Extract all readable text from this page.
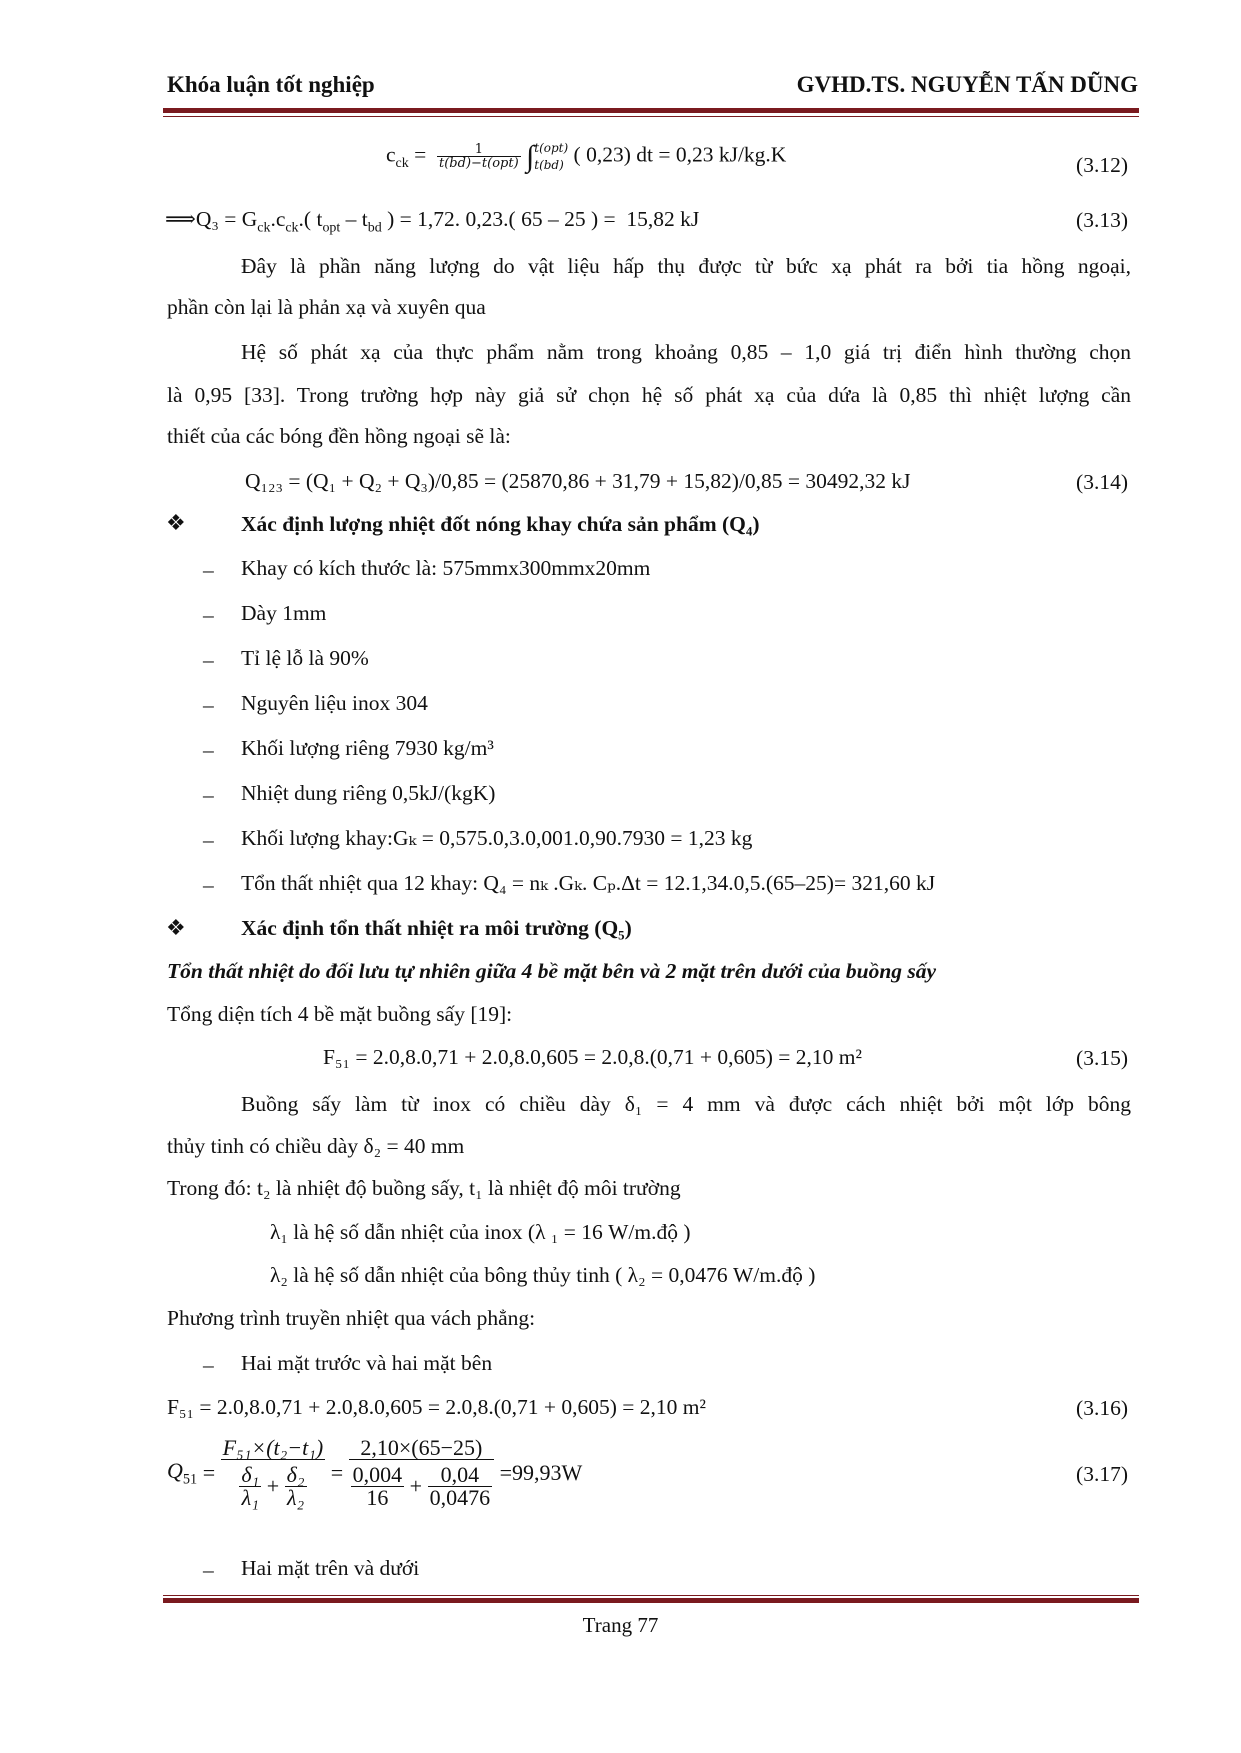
Khóa luận tốt nghiệp	GVHD.TS. NGUYỄN TẤN DŨNG
$c_{ck} = \frac{1}{\text{t(bd)−t(opt)}}$ ∫ t(opt)
t(bd) ( 0,23) dt = 0,23 kJ/kg.K	(3.12)
⟹Q₃ = $G_{ck}.c_{ck}$.( $t_{opt} - t_{bd}$ ) = 1,72. 0,23.( 65 – 25 ) =  15,82 kJ	(3.13)
Đây là phần năng lượng do vật liệu hấp thụ được từ bức xạ phát ra bởi tia hồng ngoại,
phần còn lại là phản xạ và xuyên qua
Hệ số phát xạ của thực phẩm nằm trong khoảng 0,85 – 1,0 giá trị điển hình thường chọn
là 0,95 [33]. Trong trường hợp này giả sử chọn hệ số phát xạ của dứa là 0,85 thì nhiệt lượng cần
thiết của các bóng đền hồng ngoại sẽ là:
Q₁₂₃ = (Q₁ + Q₂ + Q₃)/0,85 = (25870,86 + 31,79 + 15,82)/0,85 = 30492,32 kJ	(3.14)
❖	Xác định lượng nhiệt đốt nóng khay chứa sản phẩm (Q₄)
– Khay có kích thước là: 575mmx300mmx20mm
– Dày 1mm
– Tỉ lệ lỗ là 90%
– Nguyên liệu inox 304
– Khối lượng riêng 7930 kg/m³
– Nhiệt dung riêng 0,5kJ/(kgK)
– Khối lượng khay:Gₖ = 0,575.0,3.0,001.0,90.7930 = 1,23 kg
– Tổn thất nhiệt qua 12 khay: Q₄ = nₖ .Gₖ. Cₚ.Δt = 12.1,34.0,5.(65–25)= 321,60 kJ
❖	Xác định tổn thất nhiệt ra môi trường (Q₅)
Tổn thất nhiệt do đối lưu tự nhiên giữa 4 bề mặt bên và 2 mặt trên dưới của buồng sấy
Tổng diện tích 4 bề mặt buồng sấy [19]:
F₅₁ = 2.0,8.0,71 + 2.0,8.0,605 = 2.0,8.(0,71 + 0,605) = 2,10 m²	(3.15)
Buồng sấy làm từ inox có chiều dày δ₁ = 4 mm và được cách nhiệt bởi một lớp bông
thủy tinh có chiều dày δ₂ = 40 mm
Trong đó: t₂ là nhiệt độ buồng sấy, t₁ là nhiệt độ môi trường
λ₁ là hệ số dẫn nhiệt của inox (λ ₁ = 16 W/m.độ )
λ₂ là hệ số dẫn nhiệt của bông thủy tinh ( λ₂ = 0,0476 W/m.độ )
Phương trình truyền nhiệt qua vách phẳng:
– Hai mặt trước và hai mặt bên
F₅₁ = 2.0,8.0,71 + 2.0,8.0,605 = 2.0,8.(0,71 + 0,605) = 2,10 m²	(3.16)
$Q_{51} = \frac{\text{F₅₁×(t₂−t₁)}}{\frac{\text{δ₁}}{\text{λ₁}} + \frac{\text{δ₂}}{\text{λ₂}}} = \frac{2,10\times(65-25)}{\frac{0,004}{16} + \frac{0,04}{0,0476}} =99,93W$	(3.17)
– Hai mặt trên và dưới
Trang 77
